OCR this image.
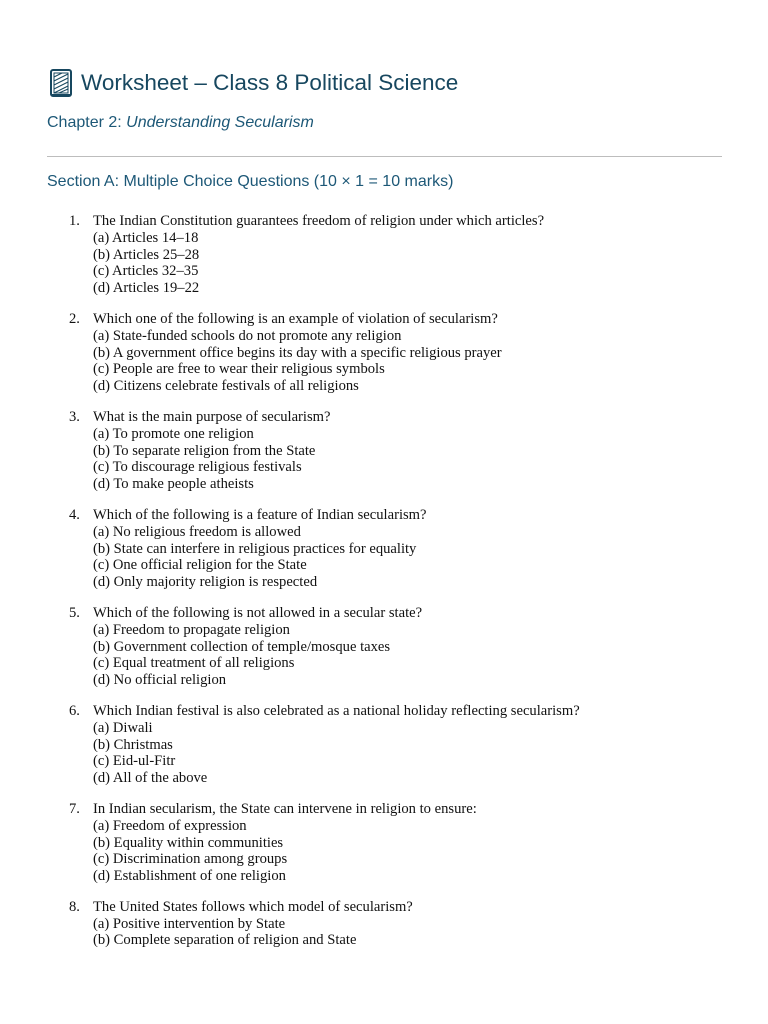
Worksheet – Class 8 Political Science
Chapter 2: Understanding Secularism
Section A: Multiple Choice Questions (10 × 1 = 10 marks)
1. The Indian Constitution guarantees freedom of religion under which articles?
(a) Articles 14–18
(b) Articles 25–28
(c) Articles 32–35
(d) Articles 19–22
2. Which one of the following is an example of violation of secularism?
(a) State-funded schools do not promote any religion
(b) A government office begins its day with a specific religious prayer
(c) People are free to wear their religious symbols
(d) Citizens celebrate festivals of all religions
3. What is the main purpose of secularism?
(a) To promote one religion
(b) To separate religion from the State
(c) To discourage religious festivals
(d) To make people atheists
4. Which of the following is a feature of Indian secularism?
(a) No religious freedom is allowed
(b) State can interfere in religious practices for equality
(c) One official religion for the State
(d) Only majority religion is respected
5. Which of the following is not allowed in a secular state?
(a) Freedom to propagate religion
(b) Government collection of temple/mosque taxes
(c) Equal treatment of all religions
(d) No official religion
6. Which Indian festival is also celebrated as a national holiday reflecting secularism?
(a) Diwali
(b) Christmas
(c) Eid-ul-Fitr
(d) All of the above
7. In Indian secularism, the State can intervene in religion to ensure:
(a) Freedom of expression
(b) Equality within communities
(c) Discrimination among groups
(d) Establishment of one religion
8. The United States follows which model of secularism?
(a) Positive intervention by State
(b) Complete separation of religion and State
